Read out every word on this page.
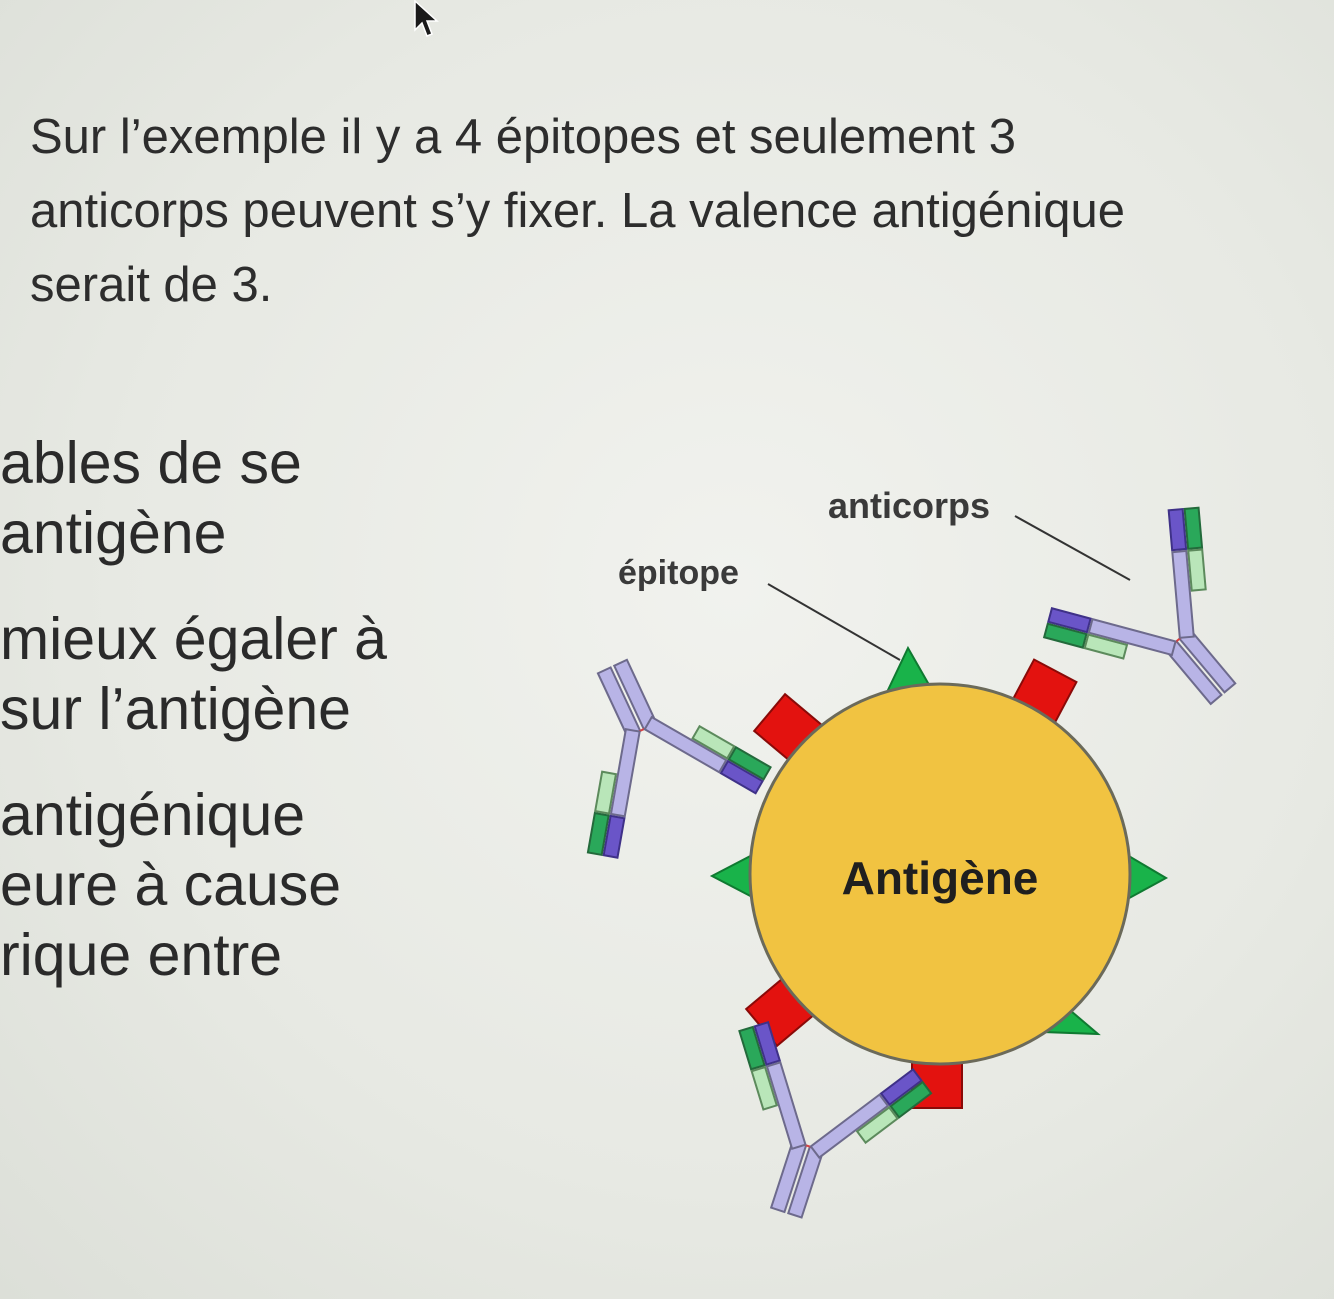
Sur l’exemple il y a 4 épitopes et seulement 3
anticorps peuvent s’y fixer. La valence antigénique
serait de 3.
ables de se
antigène
mieux égaler à
sur l’antigène
antigénique
eure à cause
rique entre
anticorps
épitope
Antigène
